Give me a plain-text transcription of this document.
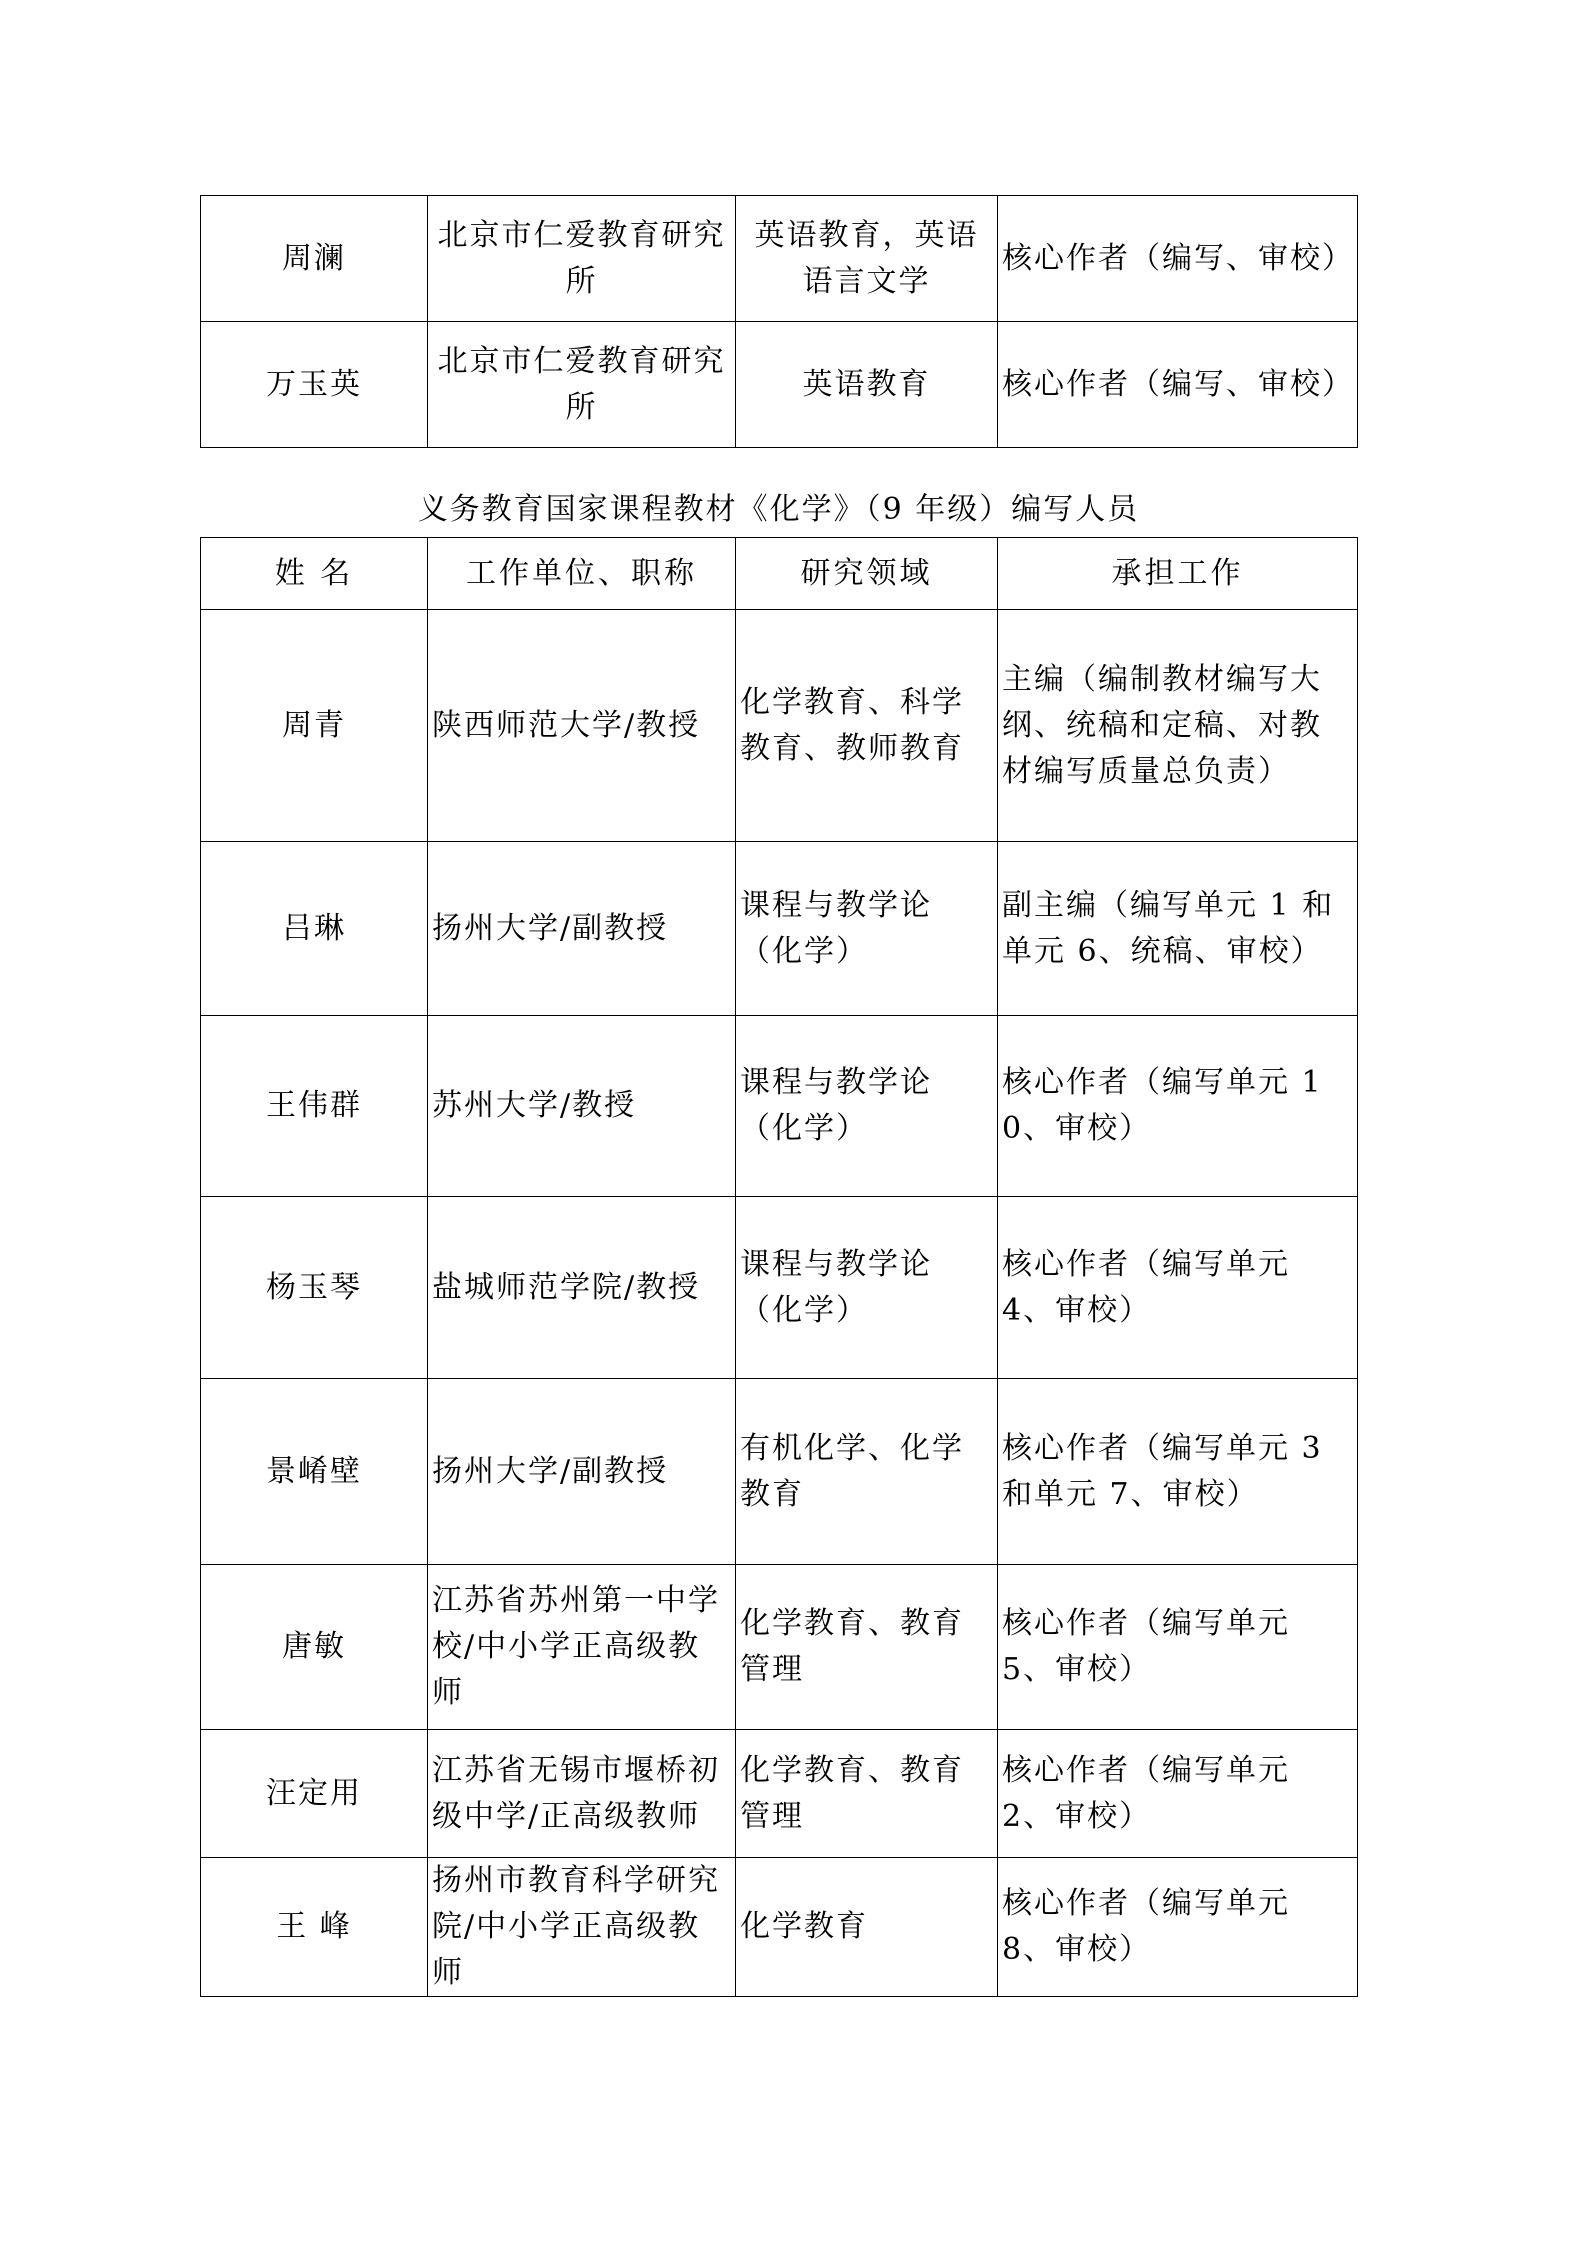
周澜	北京市仁爱教育研究所	英语教育，英语语言文学	核心作者（编写、审校）
万玉英	北京市仁爱教育研究所	英语教育	核心作者（编写、审校）
义务教育国家课程教材《化学》（9 年级）编写人员
姓 名	工作单位、职称	研究领域	承担工作
周青	陕西师范大学/教授	化学教育、科学教育、教师教育	主编（编制教材编写大纲、统稿和定稿、对教材编写质量总负责）
吕琳	扬州大学/副教授	课程与教学论（化学）	副主编（编写单元 1 和单元 6、统稿、审校）
王伟群	苏州大学/教授	课程与教学论（化学）	核心作者（编写单元 10、审校）
杨玉琴	盐城师范学院/教授	课程与教学论（化学）	核心作者（编写单元 4、审校）
景崤壁	扬州大学/副教授	有机化学、化学教育	核心作者（编写单元 3 和单元 7、审校）
唐敏	江苏省苏州第一中学校/中小学正高级教师	化学教育、教育管理	核心作者（编写单元 5、审校）
汪定用	江苏省无锡市堰桥初级中学/正高级教师	化学教育、教育管理	核心作者（编写单元 2、审校）
王 峰	扬州市教育科学研究院/中小学正高级教师	化学教育	核心作者（编写单元 8、审校）
